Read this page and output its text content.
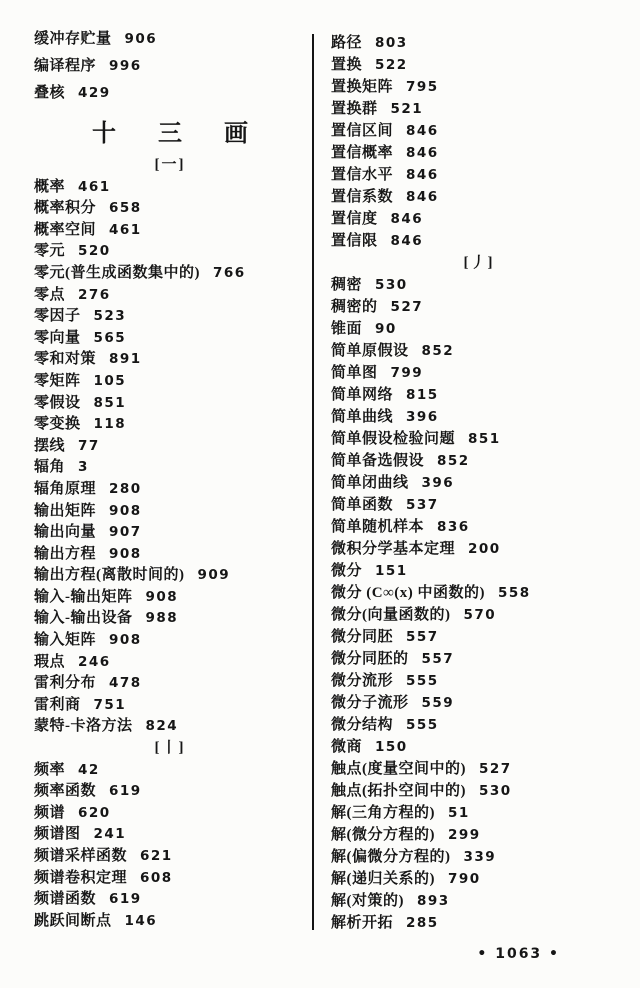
缓冲存贮量 906
编译程序 996
叠核 429
十 三 画
[一]
概率 461
概率积分 658
概率空间 461
零元 520
零元(普生成函数集中的) 766
零点 276
零因子 523
零向量 565
零和对策 891
零矩阵 105
零假设 851
零变换 118
摆线 77
辐角 3
辐角原理 280
输出矩阵 908
输出向量 907
输出方程 908
输出方程(离散时间的) 909
输入-输出矩阵 908
输入-输出设备 988
输入矩阵 908
瑕点 246
雷利分布 478
雷利商 751
蒙特-卡洛方法 824
[丨]
频率 42
频率函数 619
频谱 620
频谱图 241
频谱采样函数 621
频谱卷积定理 608
频谱函数 619
跳跃间断点 146
路径 803
置换 522
置换矩阵 795
置换群 521
置信区间 846
置信概率 846
置信水平 846
置信系数 846
置信度 846
置信限 846
[丿]
稠密 530
稠密的 527
锥面 90
简单原假设 852
简单图 799
简单网络 815
简单曲线 396
简单假设检验问题 851
简单备选假设 852
简单闭曲线 396
简单函数 537
简单随机样本 836
微积分学基本定理 200
微分 151
微分 (C∞(x) 中函数的) 558
微分(向量函数的) 570
微分同胚 557
微分同胚的 557
微分流形 555
微分子流形 559
微分结构 555
微商 150
触点(度量空间中的) 527
触点(拓扑空间中的) 530
解(三角方程的) 51
解(微分方程的) 299
解(偏微分方程的) 339
解(递归关系的) 790
解(对策的) 893
解析开拓 285
• 1063 •
